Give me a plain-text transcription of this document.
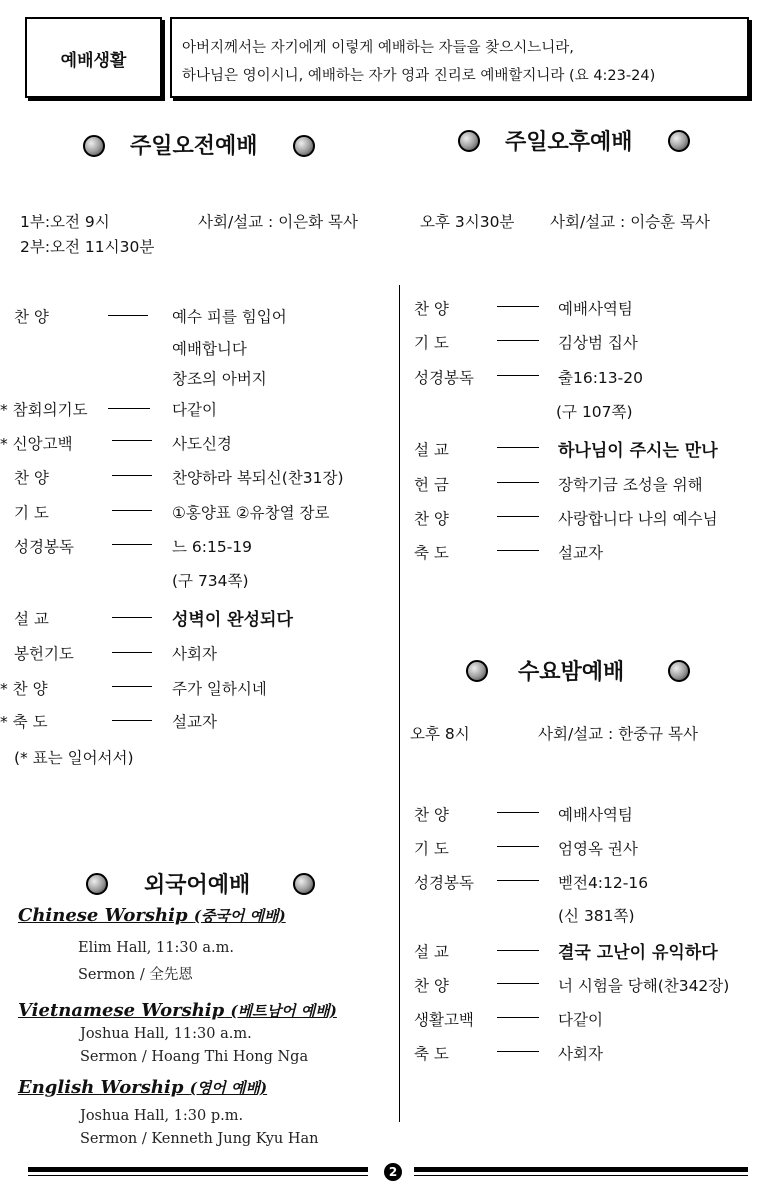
예배생활
아버지께서는 자기에게 이렇게 예배하는 자들을 찾으시느니라,
하나님은 영이시니, 예배하는 자가 영과 진리로 예배할지니라 (요 4:23-24)
주일오전예배	주일오후예배
1부:오전 9시
2부:오전 11시30분
사회/설교 : 이은화 목사	오후 3시30분 사회/설교 : 이승훈 목사
찬 양	예수 피를 힘입어
예배합니다
창조의 아버지
* 참회의기도	다같이
* 신앙고백	사도신경
찬 양	찬양하라 복되신(찬31장)
기 도	①홍양표 ②유창열 장로
성경봉독	느 6:15-19
(구 734쪽)
설 교	성벽이 완성되다
봉헌기도	사회자
* 찬 양	주가 일하시네
* 축 도	설교자
(* 표는 일어서서)
찬 양	예배사역팀
기 도	김상범 집사
성경봉독	출16:13-20
(구 107쪽)
설 교	하나님이 주시는 만나
헌 금	장학기금 조성을 위해
찬 양	사랑합니다 나의 예수님
축 도	설교자
수요밤예배
오후 8시	사회/설교 : 한중규 목사
찬 양	예배사역팀
기 도	엄영옥 권사
성경봉독	벧전4:12-16
(신 381쪽)
설 교	결국 고난이 유익하다
찬 양	너 시험을 당해(찬342장)
생활고백	다같이
축 도	사회자
외국어예배
Chinese Worship (중국어 예배)
Elim Hall, 11:30 a.m.
Sermon / 全先恩
Vietnamese Worship (베트남어 예배)
Joshua Hall, 11:30 a.m.
Sermon / Hoang Thi Hong Nga
English Worship (영어 예배)
Joshua Hall, 1:30 p.m.
Sermon / Kenneth Jung Kyu Han
2
